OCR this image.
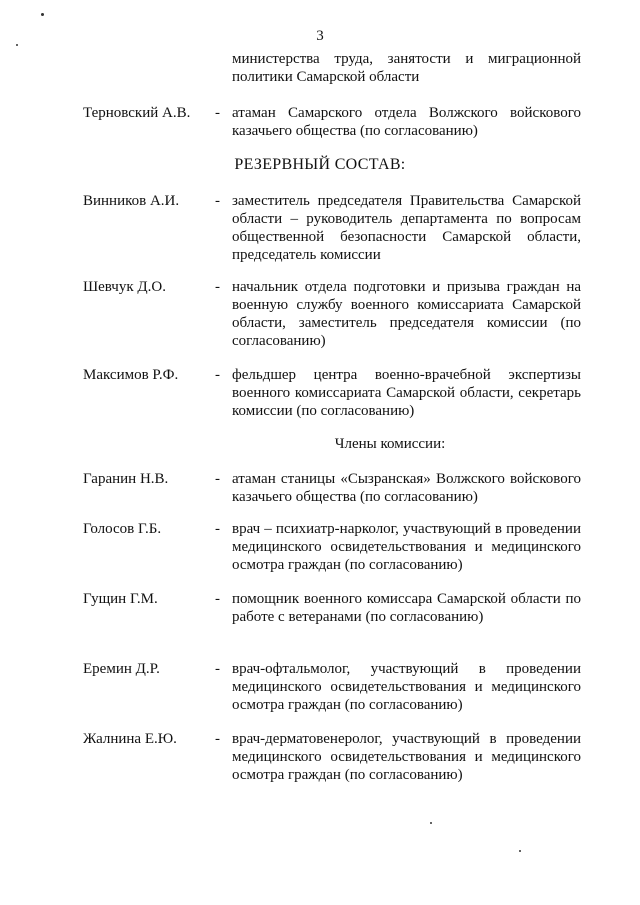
3
министерства труда, занятости и миграционной политики Самарской области
Терновский А.В. - атаман Самарского отдела Волжского войскового казачьего общества (по согласованию)
РЕЗЕРВНЫЙ СОСТАВ:
Винников А.И. - заместитель председателя Правительства Самарской области – руководитель департамента по вопросам общественной безопасности Самарской области, председатель комиссии
Шевчук Д.О.	- начальник отдела подготовки и призыва граждан на военную службу военного комиссариата Самарской области, заместитель председателя комиссии (по согласованию)
Максимов Р.Ф. - фельдшер центра военно-врачебной экспертизы военного комиссариата Самарской области, секретарь комиссии (по согласованию)
Члены комиссии:
Гаранин Н.В.	- атаман станицы «Сызранская» Волжского войскового казачьего общества (по согласованию)
Голосов Г.Б.	- врач – психиатр-нарколог, участвующий в проведении медицинского освидетельствования и медицинского осмотра граждан (по согласованию)
Гущин Г.М.	- помощник военного комиссара Самарской области по работе с ветеранами (по согласованию)
Еремин Д.Р.	- врач-офтальмолог, участвующий в проведении медицинского освидетельствования и медицинского осмотра граждан (по согласованию)
Жалнина Е.Ю.	- врач-дерматовенеролог, участвующий в проведении медицинского освидетельствования и медицинского осмотра граждан (по согласованию)
